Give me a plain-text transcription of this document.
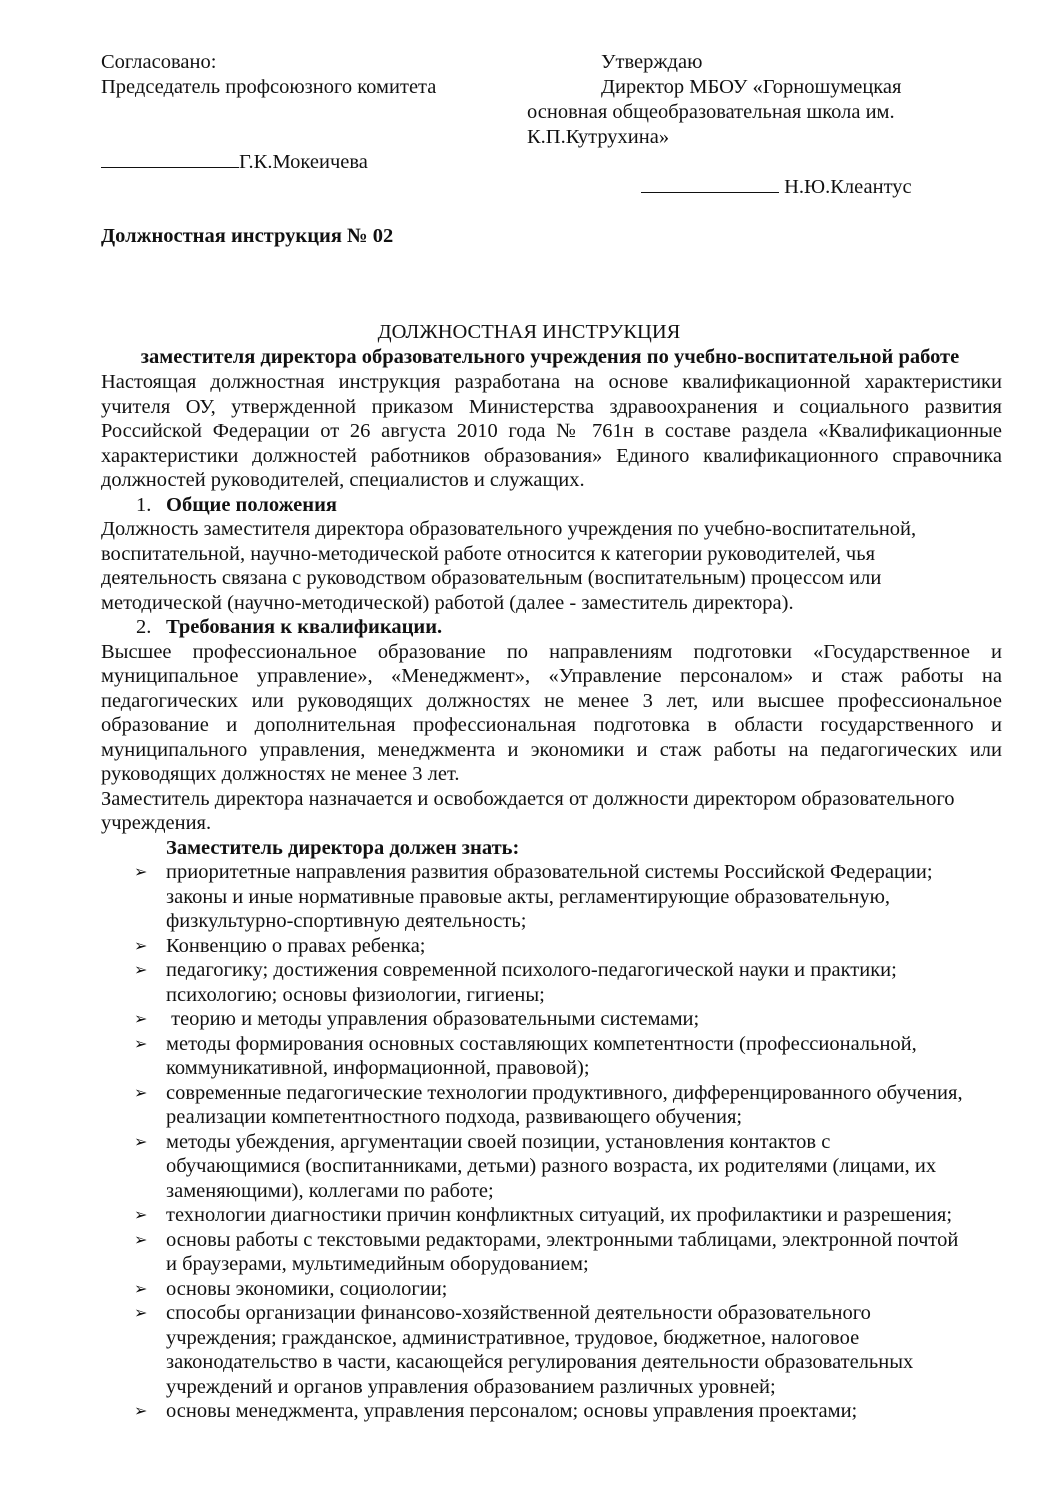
Согласовано:
Председатель профсоюзного комитета
Г.К.Мокеичева
Утверждаю
Директор МБОУ «Горношумецкая
основная общеобразовательная школа им.
К.П.Кутрухина»
Н.Ю.Клеантус
Должностная инструкция № 02
ДОЛЖНОСТНАЯ ИНСТРУКЦИЯ
заместителя директора образовательного учреждения по учебно-воспитательной работе
Настоящая должностная инструкция разработана на основе квалификационной характеристики
учителя ОУ, утвержденной приказом Министерства здравоохранения и социального развития
Российской Федерации от 26 августа 2010 года № 761н в составе раздела «Квалификационные
характеристики должностей работников образования» Единого квалификационного справочника
должностей руководителей, специалистов и служащих.
1. Общие положения
Должность заместителя директора образовательного учреждения по учебно-воспитательной,
воспитательной, научно-методической работе относится к категории руководителей, чья
деятельность связана с руководством образовательным (воспитательным) процессом или
методической (научно-методической) работой (далее - заместитель директора).
2. Требования к квалификации.
Высшее профессиональное образование по направлениям подготовки «Государственное и
муниципальное управление», «Менеджмент», «Управление персоналом» и стаж работы на
педагогических или руководящих должностях не менее 3 лет, или высшее профессиональное
образование и дополнительная профессиональная подготовка в области государственного и
муниципального управления, менеджмента и экономики и стаж работы на педагогических или
руководящих должностях не менее 3 лет.
Заместитель директора назначается и освобождается от должности директором образовательного
учреждения.
Заместитель директора должен знать:
➢ приоритетные направления развития образовательной системы Российской Федерации;
законы и иные нормативные правовые акты, регламентирующие образовательную,
физкультурно-спортивную деятельность;
➢ Конвенцию о правах ребенка;
➢ педагогику; достижения современной психолого-педагогической науки и практики;
психологию; основы физиологии, гигиены;
➢ теорию и методы управления образовательными системами;
➢ методы формирования основных составляющих компетентности (профессиональной,
коммуникативной, информационной, правовой);
➢ современные педагогические технологии продуктивного, дифференцированного обучения,
реализации компетентностного подхода, развивающего обучения;
➢ методы убеждения, аргументации своей позиции, установления контактов с
обучающимися (воспитанниками, детьми) разного возраста, их родителями (лицами, их
заменяющими), коллегами по работе;
➢ технологии диагностики причин конфликтных ситуаций, их профилактики и разрешения;
➢ основы работы с текстовыми редакторами, электронными таблицами, электронной почтой
и браузерами, мультимедийным оборудованием;
➢ основы экономики, социологии;
➢ способы организации финансово-хозяйственной деятельности образовательного
учреждения; гражданское, административное, трудовое, бюджетное, налоговое
законодательство в части, касающейся регулирования деятельности образовательных
учреждений и органов управления образованием различных уровней;
➢ основы менеджмента, управления персоналом; основы управления проектами;
